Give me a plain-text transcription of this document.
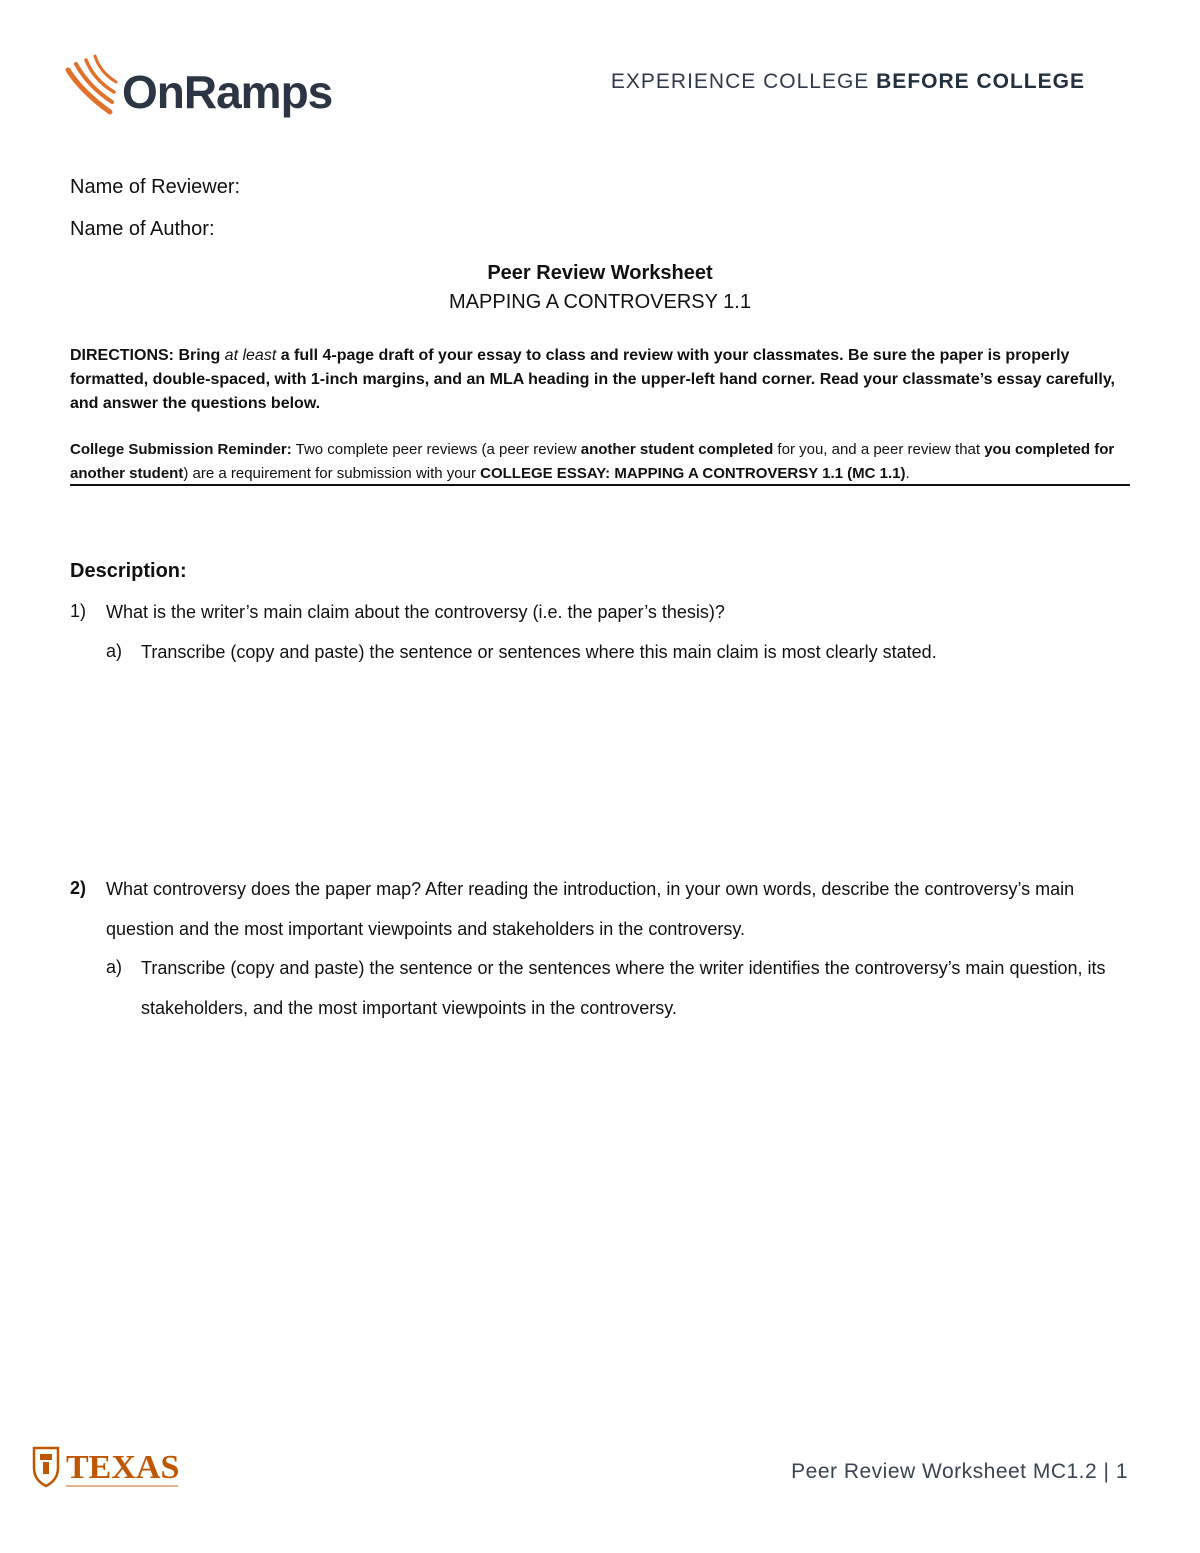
OnRamps	EXPERIENCE COLLEGE BEFORE COLLEGE
Name of Reviewer:
Name of Author:
Peer Review Worksheet
MAPPING A CONTROVERSY 1.1
DIRECTIONS: Bring at least a full 4-page draft of your essay to class and review with your classmates. Be sure the paper is properly formatted, double-spaced, with 1-inch margins, and an MLA heading in the upper-left hand corner. Read your classmate’s essay carefully, and answer the questions below.
College Submission Reminder: Two complete peer reviews (a peer review another student completed for you, and a peer review that you completed for another student) are a requirement for submission with your COLLEGE ESSAY: MAPPING A CONTROVERSY 1.1 (MC 1.1).
Description:
1) What is the writer’s main claim about the controversy (i.e. the paper’s thesis)?
a) Transcribe (copy and paste) the sentence or sentences where this main claim is most clearly stated.
2) What controversy does the paper map? After reading the introduction, in your own words, describe the controversy’s main question and the most important viewpoints and stakeholders in the controversy.
a) Transcribe (copy and paste) the sentence or the sentences where the writer identifies the controversy’s main question, its stakeholders, and the most important viewpoints in the controversy.
TEXAS	Peer Review Worksheet MC1.2 | 1
